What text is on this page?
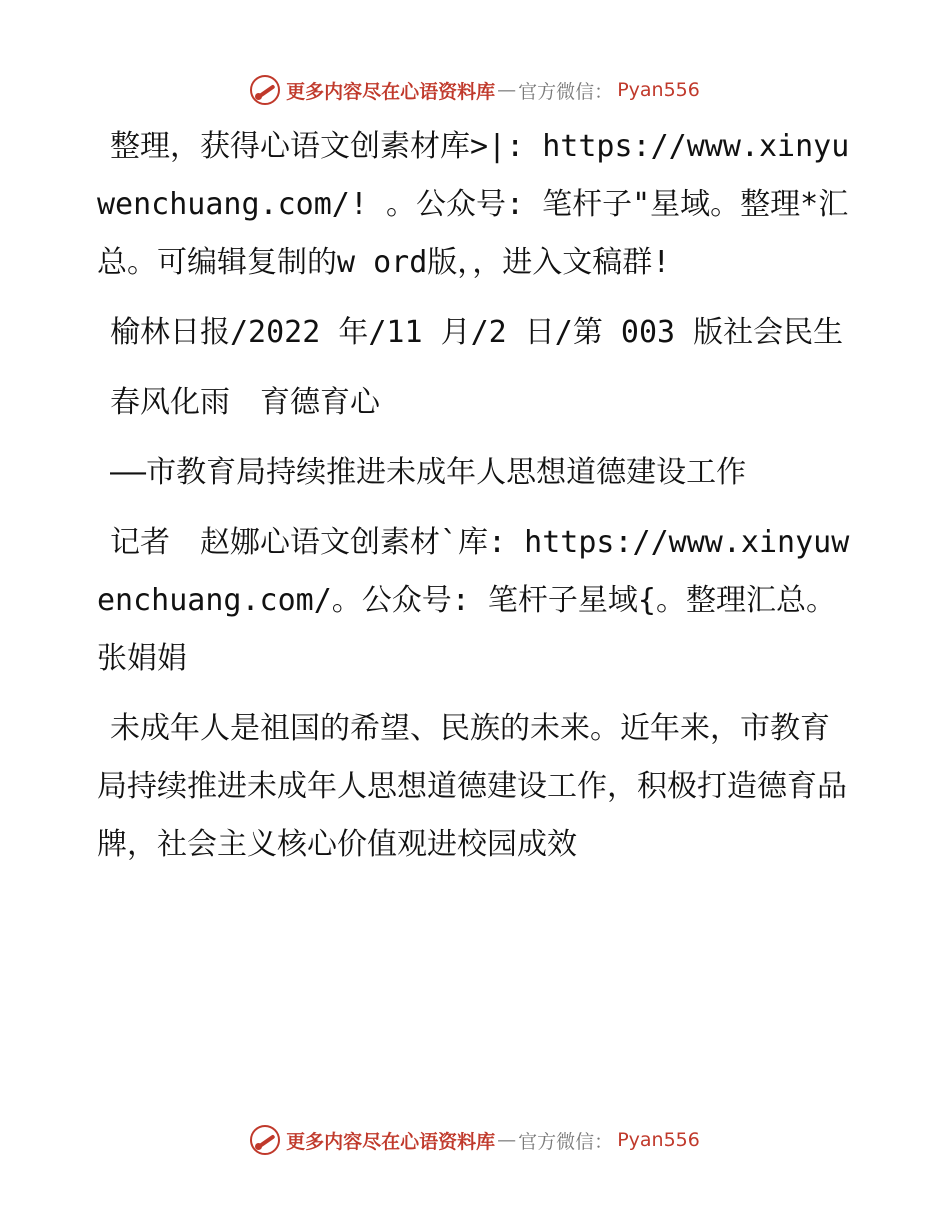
更多内容尽在心语资料库 — 官方微信： Pyan556

整理，获得心语文创素材库>|: https://www.xinyuwenchuang.com/! 。公众号: 笔杆子"星域。整理*汇总。可编辑复制的w ord版，，进入文稿群!

榆林日报/2022 年/11 月/2 日/第 003 版社会民生

春风化雨　育德育心

——市教育局持续推进未成年人思想道德建设工作

记者　赵娜心语文创素材`库: https://www.xinyuwenchuang.com/。公众号: 笔杆子星域{。整理汇总。　张娟娟

未成年人是祖国的希望、民族的未来。近年来，市教育局持续推进未成年人思想道德建设工作，积极打造德育品牌，社会主义核心价值观进校园成效

更多内容尽在心语资料库 — 官方微信： Pyan556
